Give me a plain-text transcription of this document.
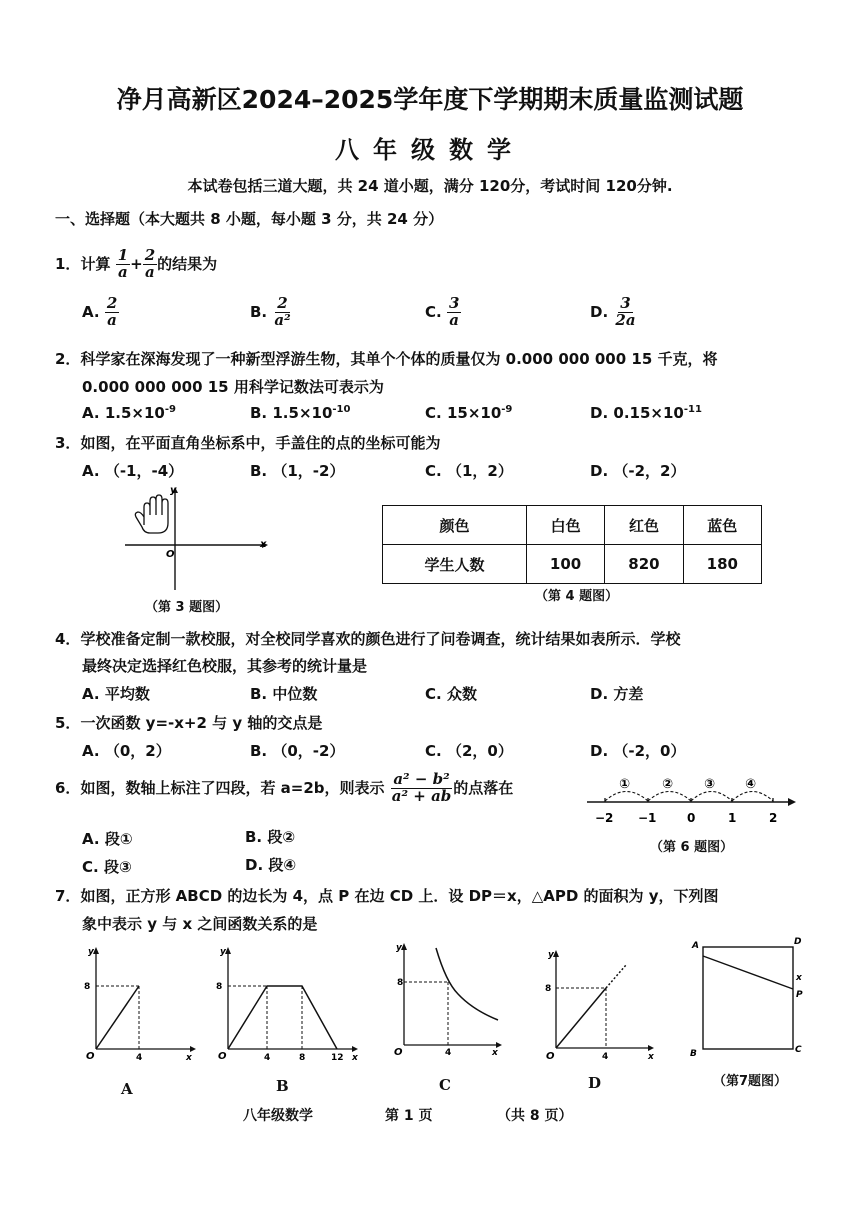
净月高新区2024–2025学年度下学期期末质量监测试题
八年级数学
本试卷包括三道大题，共 24 道小题，满分 120分，考试时间 120分钟.
一、选择题（本大题共 8 小题，每小题 3 分，共 24 分）
1．计算 $\frac{1}{a} + \frac{2}{a}$ 的结果为
A. $\frac{2}{a}$	B. $\frac{2}{\text{a²}}$	C. $\frac{3}{a}$	D. $\frac{3}{2a}$
2．科学家在深海发现了一种新型浮游生物，其单个个体的质量仅为 0.000 000 000 15 千克，将
0.000 000 000 15 用科学记数法可表示为
A. $1.5\times 10^{-9}$	B. $1.5\times 10^{-10}$	C. $15\times 10^{-9}$	D. $0.15\times 10^{-11}$
3．如图，在平面直角坐标系中，手盖住的点的坐标可能为
A. （-1，-4）	B. （1，-2）	C. （1，2）	D. （-2，2）
y
x
O
（第 3 题图）
颜色	白色	红色	蓝色
学生人数	100	820	180
（第 4 题图）
4．学校准备定制一款校服，对全校同学喜欢的颜色进行了问卷调查，统计结果如表所示．学校
最终决定选择红色校服，其参考的统计量是
A. 平均数	B. 中位数	C. 众数	D. 方差
5．一次函数 y=-x+2 与 y 轴的交点是
A. （0，2）	B. （0，-2）	C. （2，0）	D. （-2，0）
6．如图，数轴上标注了四段，若 a=2b，则表示 $\frac{\text{a² − b²}}{\text{a² + ab}}$ 的点落在
A. 段①	B. 段②
C. 段③	D. 段④
① ② ③ ④
−2 −1	0	1	2
（第 6 题图）
7．如图，正方形 ABCD 的边长为 4，点 P 在边 CD 上．设 DP＝x，△APD 的面积为 y，下列图
象中表示 y 与 x 之间函数关系的是
y
x
O
8
4
A
y
x
O
8
4	8	12
B
y
x
O
8
4
C
y
x
O
8
4
D
A	D
x
P
B	C
（第7题图）
八年级数学	第 1 页	（共 8 页）
